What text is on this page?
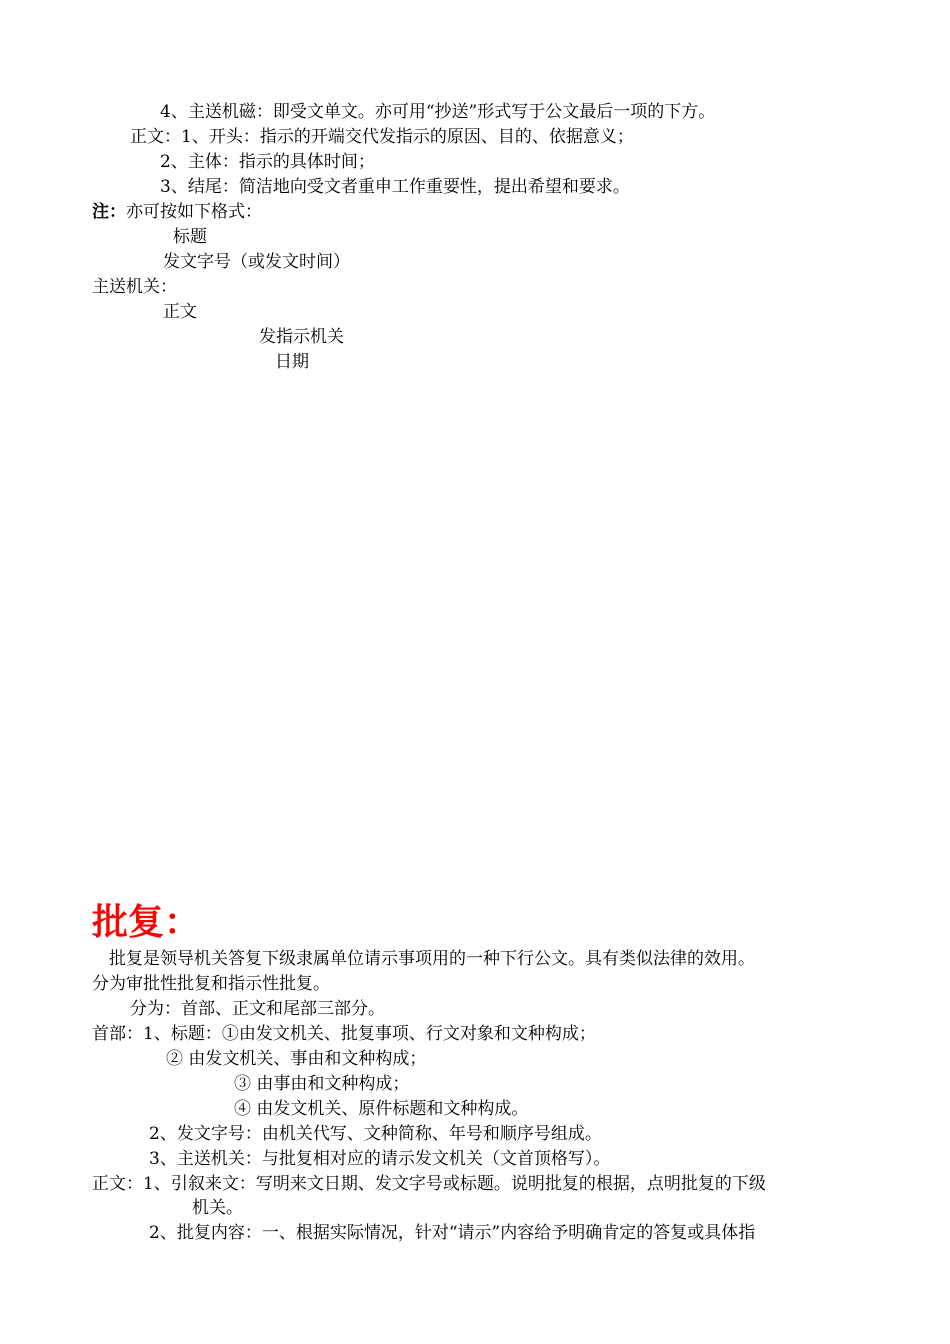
4、主送机磁：即受文单文。亦可用“抄送”形式写于公文最后一项的下方。
正文：1、开头：指示的开端交代发指示的原因、目的、依据意义；
2、主体：指示的具体时间；
3、结尾：简洁地向受文者重申工作重要性，提出希望和要求。
注：亦可按如下格式：
标题
发文字号（或发文时间）
主送机关：
正文
发指示机关
日期
批复：
批复是领导机关答复下级隶属单位请示事项用的一种下行公文。具有类似法律的效用。
分为审批性批复和指示性批复。
分为：首部、正文和尾部三部分。
首部：1、标题：①由发文机关、批复事项、行文对象和文种构成；
② 由发文机关、事由和文种构成；
③ 由事由和文种构成；
④ 由发文机关、原件标题和文种构成。
2、发文字号：由机关代写、文种简称、年号和顺序号组成。
3、主送机关：与批复相对应的请示发文机关（文首顶格写）。
正文：1、引叙来文：写明来文日期、发文字号或标题。说明批复的根据，点明批复的下级
机关。
2、批复内容：一、根据实际情况，针对“请示”内容给予明确肯定的答复或具体指
